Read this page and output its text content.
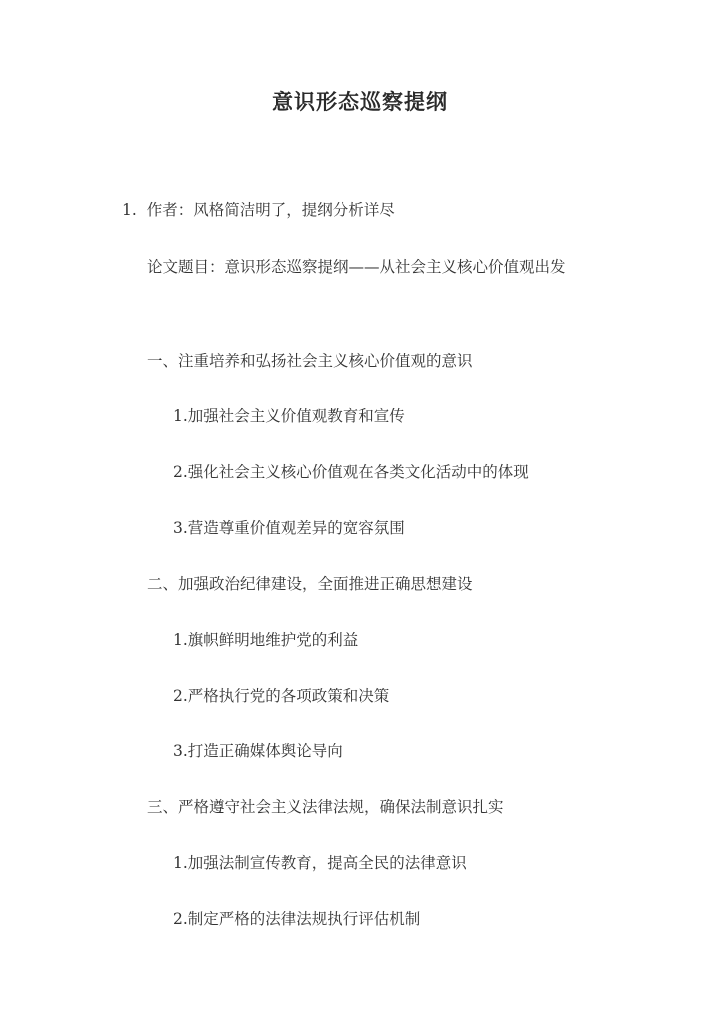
意识形态巡察提纲
1. 作者：风格简洁明了，提纲分析详尽
论文题目：意识形态巡察提纲——从社会主义核心价值观出发
一、注重培养和弘扬社会主义核心价值观的意识
1.加强社会主义价值观教育和宣传
2.强化社会主义核心价值观在各类文化活动中的体现
3.营造尊重价值观差异的宽容氛围
二、加强政治纪律建设，全面推进正确思想建设
1.旗帜鲜明地维护党的利益
2.严格执行党的各项政策和决策
3.打造正确媒体舆论导向
三、严格遵守社会主义法律法规，确保法制意识扎实
1.加强法制宣传教育，提高全民的法律意识
2.制定严格的法律法规执行评估机制
